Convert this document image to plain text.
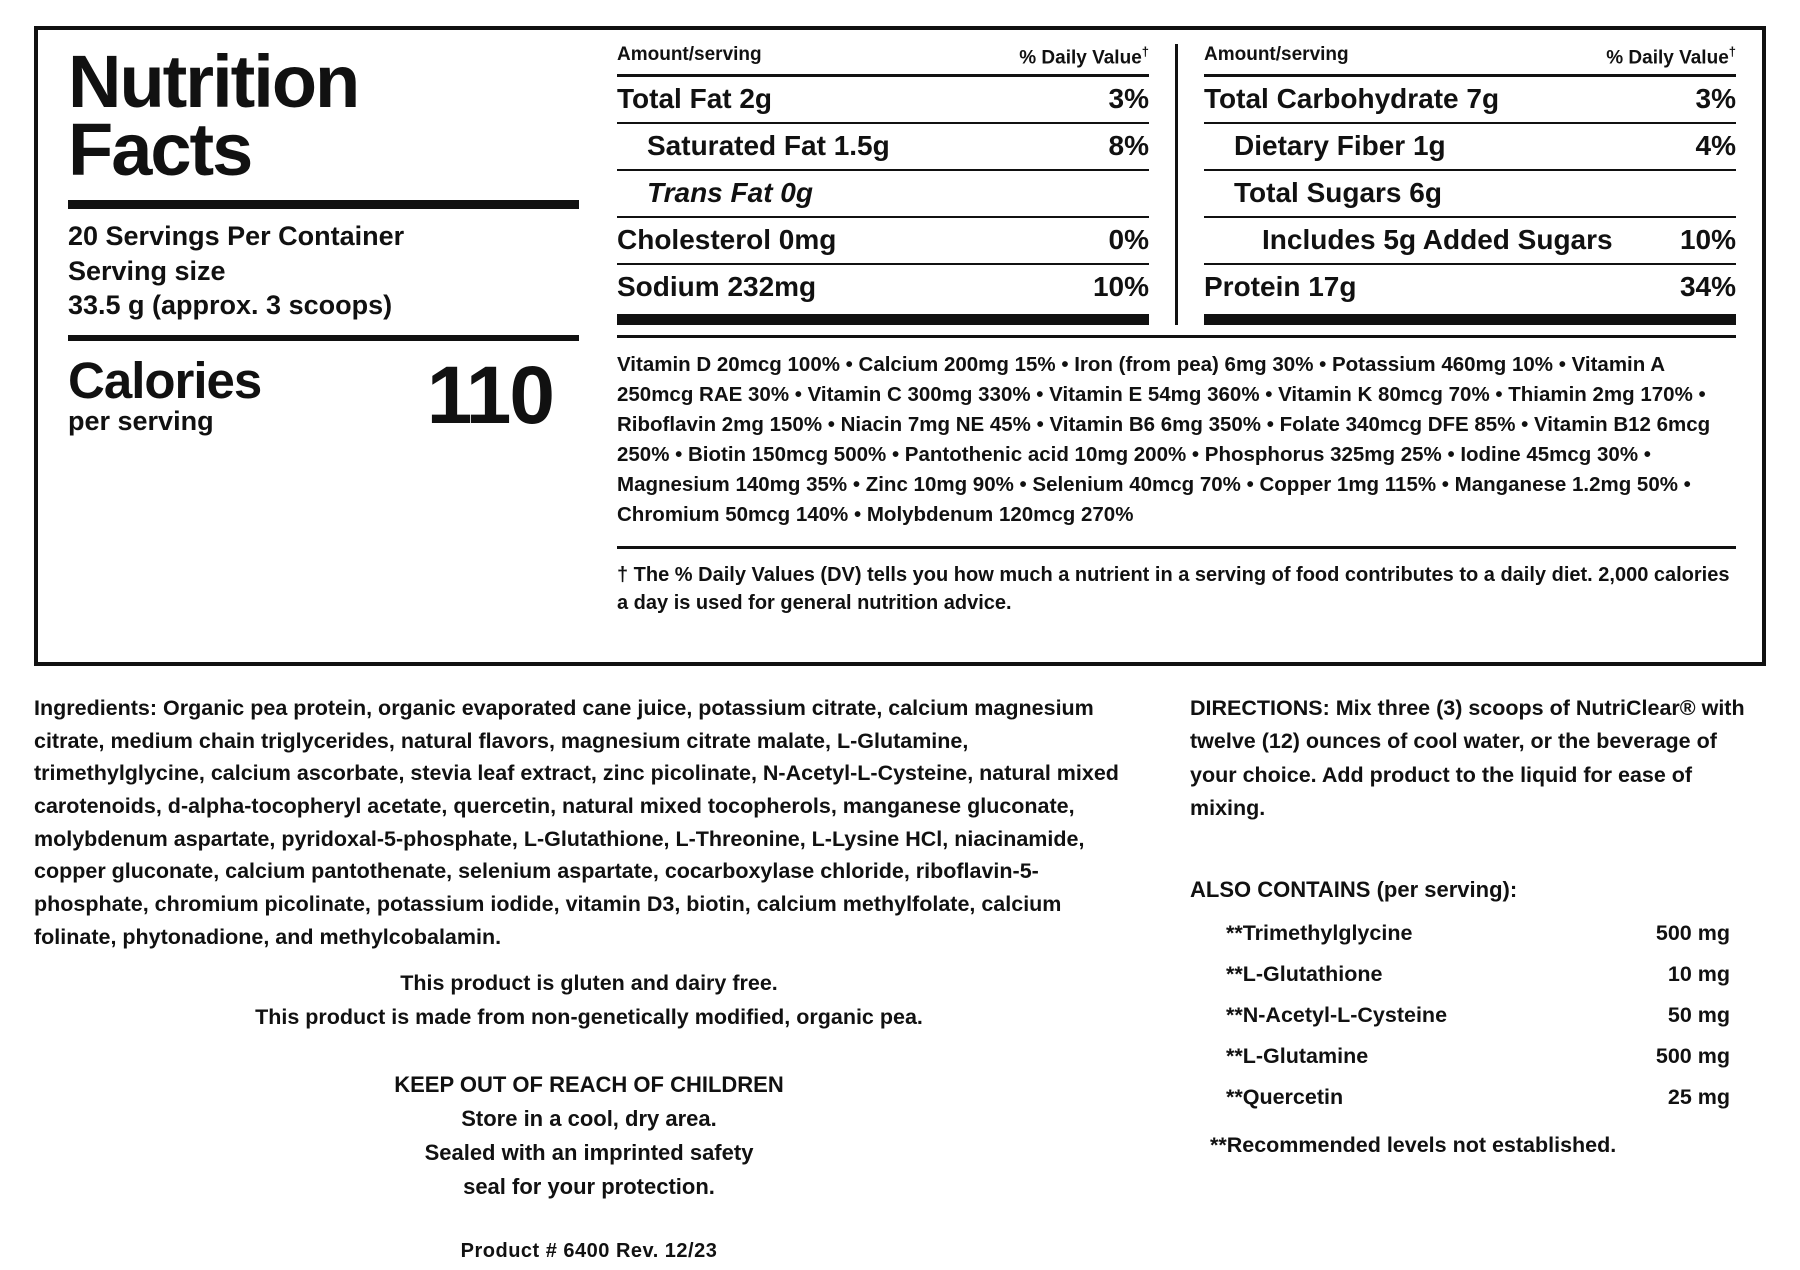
Nutrition
Facts
20 Servings Per Container
Serving size
33.5 g (approx. 3 scoops)
Calories
per serving	110
Amount/serving	% Daily Value†
Total Fat 2g	3%
Saturated Fat 1.5g	8%
Trans Fat 0g
Cholesterol 0mg	0%
Sodium 232mg	10%
Amount/serving	% Daily Value†
Total Carbohydrate 7g	3%
Dietary Fiber 1g	4%
Total Sugars 6g
Includes 5g Added Sugars 10%
Protein 17g	34%
Vitamin D 20mcg 100% • Calcium 200mg 15% • Iron (from pea) 6mg 30% • Potassium 460mg 10% • Vitamin A 250mcg RAE 30% • Vitamin C 300mg 330% • Vitamin E 54mg 360% • Vitamin K 80mcg 70% • Thiamin 2mg 170% • Riboflavin 2mg 150% • Niacin 7mg NE 45% • Vitamin B6 6mg 350% • Folate 340mcg DFE 85% • Vitamin B12 6mcg 250% • Biotin 150mcg 500% • Pantothenic acid 10mg 200% • Phosphorus 325mg 25% • Iodine 45mcg 30% • Magnesium 140mg 35% • Zinc 10mg 90% • Selenium 40mcg 70% • Copper 1mg 115% • Manganese 1.2mg 50% • Chromium 50mcg 140% • Molybdenum 120mcg 270%
† The % Daily Values (DV) tells you how much a nutrient in a serving of food contributes to a daily diet. 2,000 calories a day is used for general nutrition advice.
Ingredients: Organic pea protein, organic evaporated cane juice, potassium citrate, calcium magnesium citrate, medium chain triglycerides, natural flavors, magnesium citrate malate, L-Glutamine, trimethylglycine, calcium ascorbate, stevia leaf extract, zinc picolinate, N-Acetyl-L-Cysteine, natural mixed carotenoids, d-alpha-tocopheryl acetate, quercetin, natural mixed tocopherols, manganese gluconate, molybdenum aspartate, pyridoxal-5-phosphate, L-Glutathione, L-Threonine, L-Lysine HCl, niacinamide, copper gluconate, calcium pantothenate, selenium aspartate, cocarboxylase chloride, riboflavin-5-phosphate, chromium picolinate, potassium iodide, vitamin D3, biotin, calcium methylfolate, calcium folinate, phytonadione, and methylcobalamin.
This product is gluten and dairy free.
This product is made from non-genetically modified, organic pea.
KEEP OUT OF REACH OF CHILDREN
Store in a cool, dry area.
Sealed with an imprinted safety
seal for your protection.
Product # 6400 Rev. 12/23
DIRECTIONS: Mix three (3) scoops of NutriClear® with twelve (12) ounces of cool water, or the beverage of your choice. Add product to the liquid for ease of mixing.
ALSO CONTAINS (per serving):
**Trimethylglycine	500 mg
**L-Glutathione	10 mg
**N-Acetyl-L-Cysteine	50 mg
**L-Glutamine	500 mg
**Quercetin	25 mg
**Recommended levels not established.
